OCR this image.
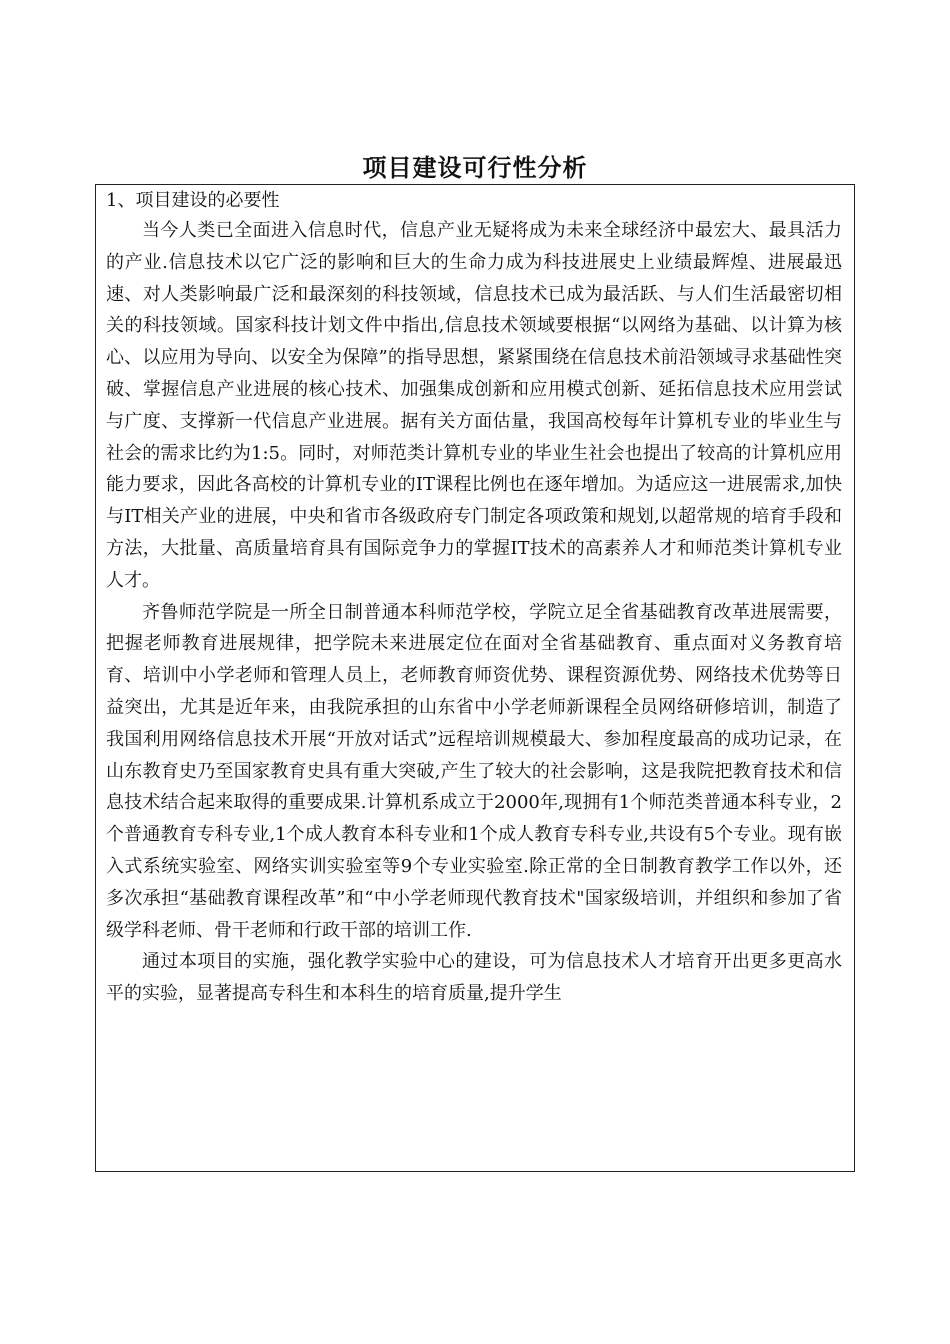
项目建设可行性分析
1、项目建设的必要性

当今人类已全面进入信息时代，信息产业无疑将成为未来全球经济中最宏大、最具活力的产业.信息技术以它广泛的影响和巨大的生命力成为科技进展史上业绩最辉煌、进展最迅速、对人类影响最广泛和最深刻的科技领域，信息技术已成为最活跃、与人们生活最密切相关的科技领域。国家科技计划文件中指出,信息技术领域要根据“以网络为基础、以计算为核心、以应用为导向、以安全为保障”的指导思想，紧紧围绕在信息技术前沿领域寻求基础性突破、掌握信息产业进展的核心技术、加强集成创新和应用模式创新、延拓信息技术应用尝试与广度、支撑新一代信息产业进展。据有关方面估量，我国高校每年计算机专业的毕业生与社会的需求比约为1:5。同时，对师范类计算机专业的毕业生社会也提出了较高的计算机应用能力要求，因此各高校的计算机专业的IT课程比例也在逐年增加。为适应这一进展需求,加快与IT相关产业的进展，中央和省市各级政府专门制定各项政策和规划,以超常规的培育手段和方法，大批量、高质量培育具有国际竞争力的掌握IT技术的高素养人才和师范类计算机专业人才。

齐鲁师范学院是一所全日制普通本科师范学校，学院立足全省基础教育改革进展需要，把握老师教育进展规律，把学院未来进展定位在面对全省基础教育、重点面对义务教育培育、培训中小学老师和管理人员上，老师教育师资优势、课程资源优势、网络技术优势等日益突出，尤其是近年来，由我院承担的山东省中小学老师新课程全员网络研修培训，制造了我国利用网络信息技术开展“开放对话式”远程培训规模最大、参加程度最高的成功记录，在山东教育史乃至国家教育史具有重大突破,产生了较大的社会影响，这是我院把教育技术和信息技术结合起来取得的重要成果.计算机系成立于2000年,现拥有1个师范类普通本科专业，2个普通教育专科专业,1个成人教育本科专业和1个成人教育专科专业,共设有5个专业。现有嵌入式系统实验室、网络实训实验室等9个专业实验室.除正常的全日制教育教学工作以外，还多次承担“基础教育课程改革”和“中小学老师现代教育技术"国家级培训，并组织和参加了省级学科老师、骨干老师和行政干部的培训工作.

通过本项目的实施，强化教学实验中心的建设，可为信息技术人才培育开出更多更高水平的实验，显著提高专科生和本科生的培育质量,提升学生
